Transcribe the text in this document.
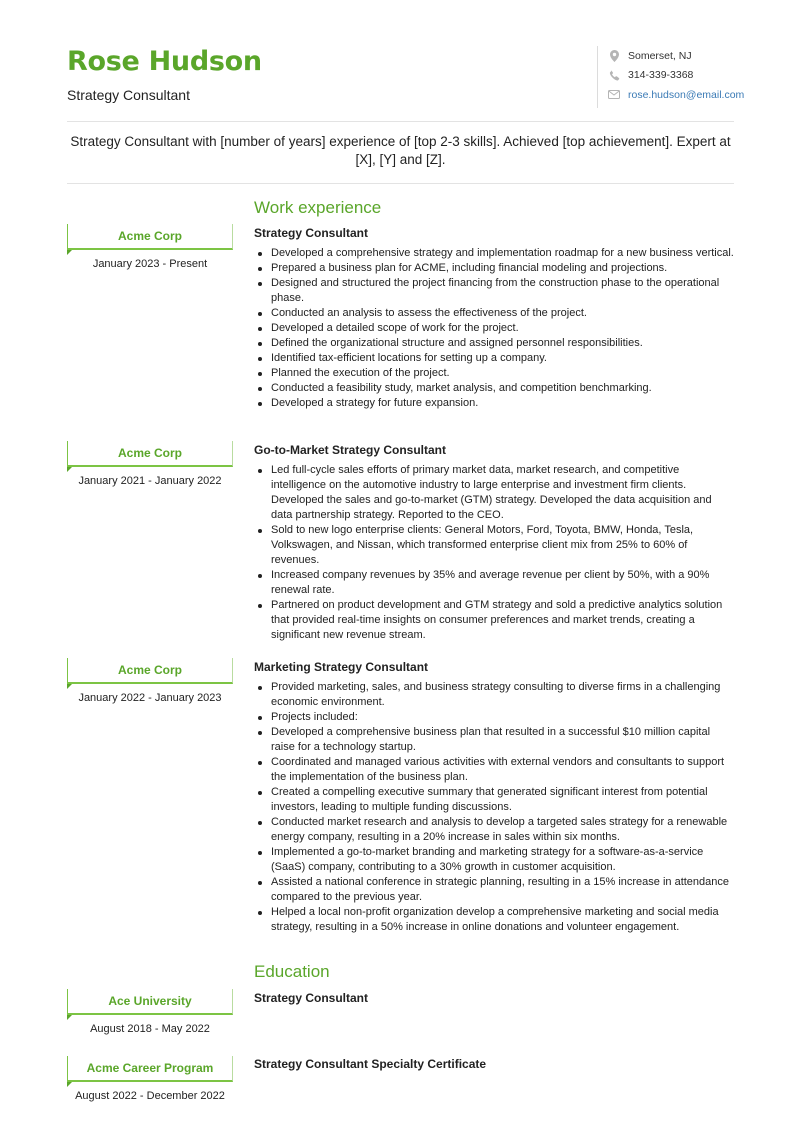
Rose Hudson
Strategy Consultant
Somerset, NJ
314-339-3368
rose.hudson@email.com
Strategy Consultant with [number of years] experience of [top 2-3 skills]. Achieved [top achievement]. Expert at [X], [Y] and [Z].
Work experience
Acme Corp
January 2023 - Present
Strategy Consultant
Developed a comprehensive strategy and implementation roadmap for a new business vertical.
Prepared a business plan for ACME, including financial modeling and projections.
Designed and structured the project financing from the construction phase to the operational phase.
Conducted an analysis to assess the effectiveness of the project.
Developed a detailed scope of work for the project.
Defined the organizational structure and assigned personnel responsibilities.
Identified tax-efficient locations for setting up a company.
Planned the execution of the project.
Conducted a feasibility study, market analysis, and competition benchmarking.
Developed a strategy for future expansion.
Acme Corp
January 2021 - January 2022
Go-to-Market Strategy Consultant
Led full-cycle sales efforts of primary market data, market research, and competitive intelligence on the automotive industry to large enterprise and investment firm clients. Developed the sales and go-to-market (GTM) strategy. Developed the data acquisition and data partnership strategy. Reported to the CEO.
Sold to new logo enterprise clients: General Motors, Ford, Toyota, BMW, Honda, Tesla, Volkswagen, and Nissan, which transformed enterprise client mix from 25% to 60% of revenues.
Increased company revenues by 35% and average revenue per client by 50%, with a 90% renewal rate.
Partnered on product development and GTM strategy and sold a predictive analytics solution that provided real-time insights on consumer preferences and market trends, creating a significant new revenue stream.
Acme Corp
January 2022 - January 2023
Marketing Strategy Consultant
Provided marketing, sales, and business strategy consulting to diverse firms in a challenging economic environment.
Projects included:
Developed a comprehensive business plan that resulted in a successful $10 million capital raise for a technology startup.
Coordinated and managed various activities with external vendors and consultants to support the implementation of the business plan.
Created a compelling executive summary that generated significant interest from potential investors, leading to multiple funding discussions.
Conducted market research and analysis to develop a targeted sales strategy for a renewable energy company, resulting in a 20% increase in sales within six months.
Implemented a go-to-market branding and marketing strategy for a software-as-a-service (SaaS) company, contributing to a 30% growth in customer acquisition.
Assisted a national conference in strategic planning, resulting in a 15% increase in attendance compared to the previous year.
Helped a local non-profit organization develop a comprehensive marketing and social media strategy, resulting in a 50% increase in online donations and volunteer engagement.
Education
Ace University
August 2018 - May 2022
Strategy Consultant
Acme Career Program
August 2022 - December 2022
Strategy Consultant Specialty Certificate
